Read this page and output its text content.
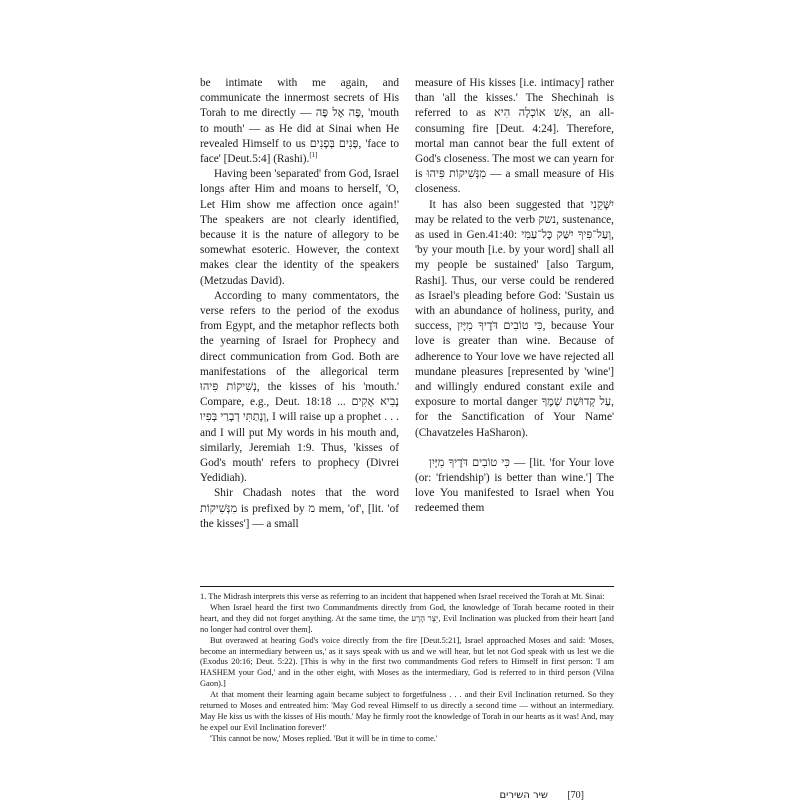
be intimate with me again, and communicate the innermost secrets of His Torah to me directly — פֶּה אֶל פֶּה, 'mouth to mouth' — as He did at Sinai when He revealed Himself to us פָּנִים בְּפָנִים, 'face to face' [Deut.5:4] (Rashi).[1]

Having been 'separated' from God, Israel longs after Him and moans to herself, 'O, Let Him show me affection once again!' The speakers are not clearly identified, because it is the nature of allegory to be somewhat esoteric. However, the context makes clear the identity of the speakers (Metzudas David).

According to many commentators, the verse refers to the period of the exodus from Egypt, and the metaphor reflects both the yearning of Israel for Prophecy and direct communication from God. Both are manifestations of the allegorical term נְשִׁיקוֹת פִּיהוּ, the kisses of his 'mouth.' Compare, e.g., Deut. 18:18 נָבִיא אָקִים ... וְנָתַתִּי דְבָרַי בְּפִיו, I will raise up a prophet . . . and I will put My words in his mouth and, similarly, Jeremiah 1:9. Thus, 'kisses of God's mouth' refers to prophecy (Divrei Yedidiah).

Shir Chadash notes that the word מִנְּשִׁיקוֹת is prefixed by מ mem, 'of', [lit. 'of the kisses'] — a small

measure of His kisses [i.e. intimacy] rather than 'all the kisses.' The Shechinah is referred to as אֵשׁ אוֹכְלָה הִיא, an all-consuming fire [Deut. 4:24]. Therefore, mortal man cannot bear the full extent of God's closeness. The most we can yearn for is מִנְּשִׁיקוֹת פִּיהוּ — a small measure of His closeness.

It has also been suggested that יִשָּׁקֵנִי may be related to the verb נשק, sustenance, as used in Gen.41:40: וְעַל־פִּיךָ יִשַּׁק כָּל־עַמִּי, 'by your mouth [i.e. by your word] shall all my people be sustained' [also Targum, Rashi]. Thus, our verse could be rendered as Israel's pleading before God: 'Sustain us with an abundance of holiness, purity, and success, כִּי טוֹבִים דֹּדֶיךָ מִיָּיִן, because Your love is greater than wine. Because of adherence to Your love we have rejected all mundane pleasures [represented by 'wine'] and willingly endured constant exile and exposure to mortal danger עַל קְדוּשַׁת שְׁמֶךָ, for the Sanctification of Your Name' (Chavatzeles HaSharon).

כִּי טוֹבִים דֹּדֶיךָ מִיָּיִן — [lit. 'for Your love (or: 'friendship') is better than wine.'] The love You manifested to Israel when You redeemed them

1. The Midrash interprets this verse as referring to an incident that happened when Israel received the Torah at Mt. Sinai:

When Israel heard the first two Commandments directly from God, the knowledge of Torah became rooted in their heart, and they did not forget anything. At the same time, the יֵצֶר הָרָע, Evil Inclination was plucked from their heart [and no longer had control over them].

But overawed at hearing God's voice directly from the fire [Deut.5:21], Israel approached Moses and said: 'Moses, become an intermediary between us,' as it says speak with us and we will hear, but let not God speak with us lest we die (Exodus 20:16; Deut. 5:22). [This is why in the first two commandments God refers to Himself in first person: 'I am HASHEM your God,' and in the other eight, with Moses as the intermediary, God is referred to in third person (Vilna Gaon).]

At that moment their learning again became subject to forgetfulness . . . and their Evil Inclination returned. So they returned to Moses and entreated him: 'May God reveal Himself to us directly a second time — without an intermediary. May He kiss us with the kisses of His mouth.' May he firmly root the knowledge of Torah in our hearts as it was! And, may he expel our Evil Inclination forever!'

'This cannot be now,' Moses replied. 'But it will be in time to come.'

שיר השירים [70]
